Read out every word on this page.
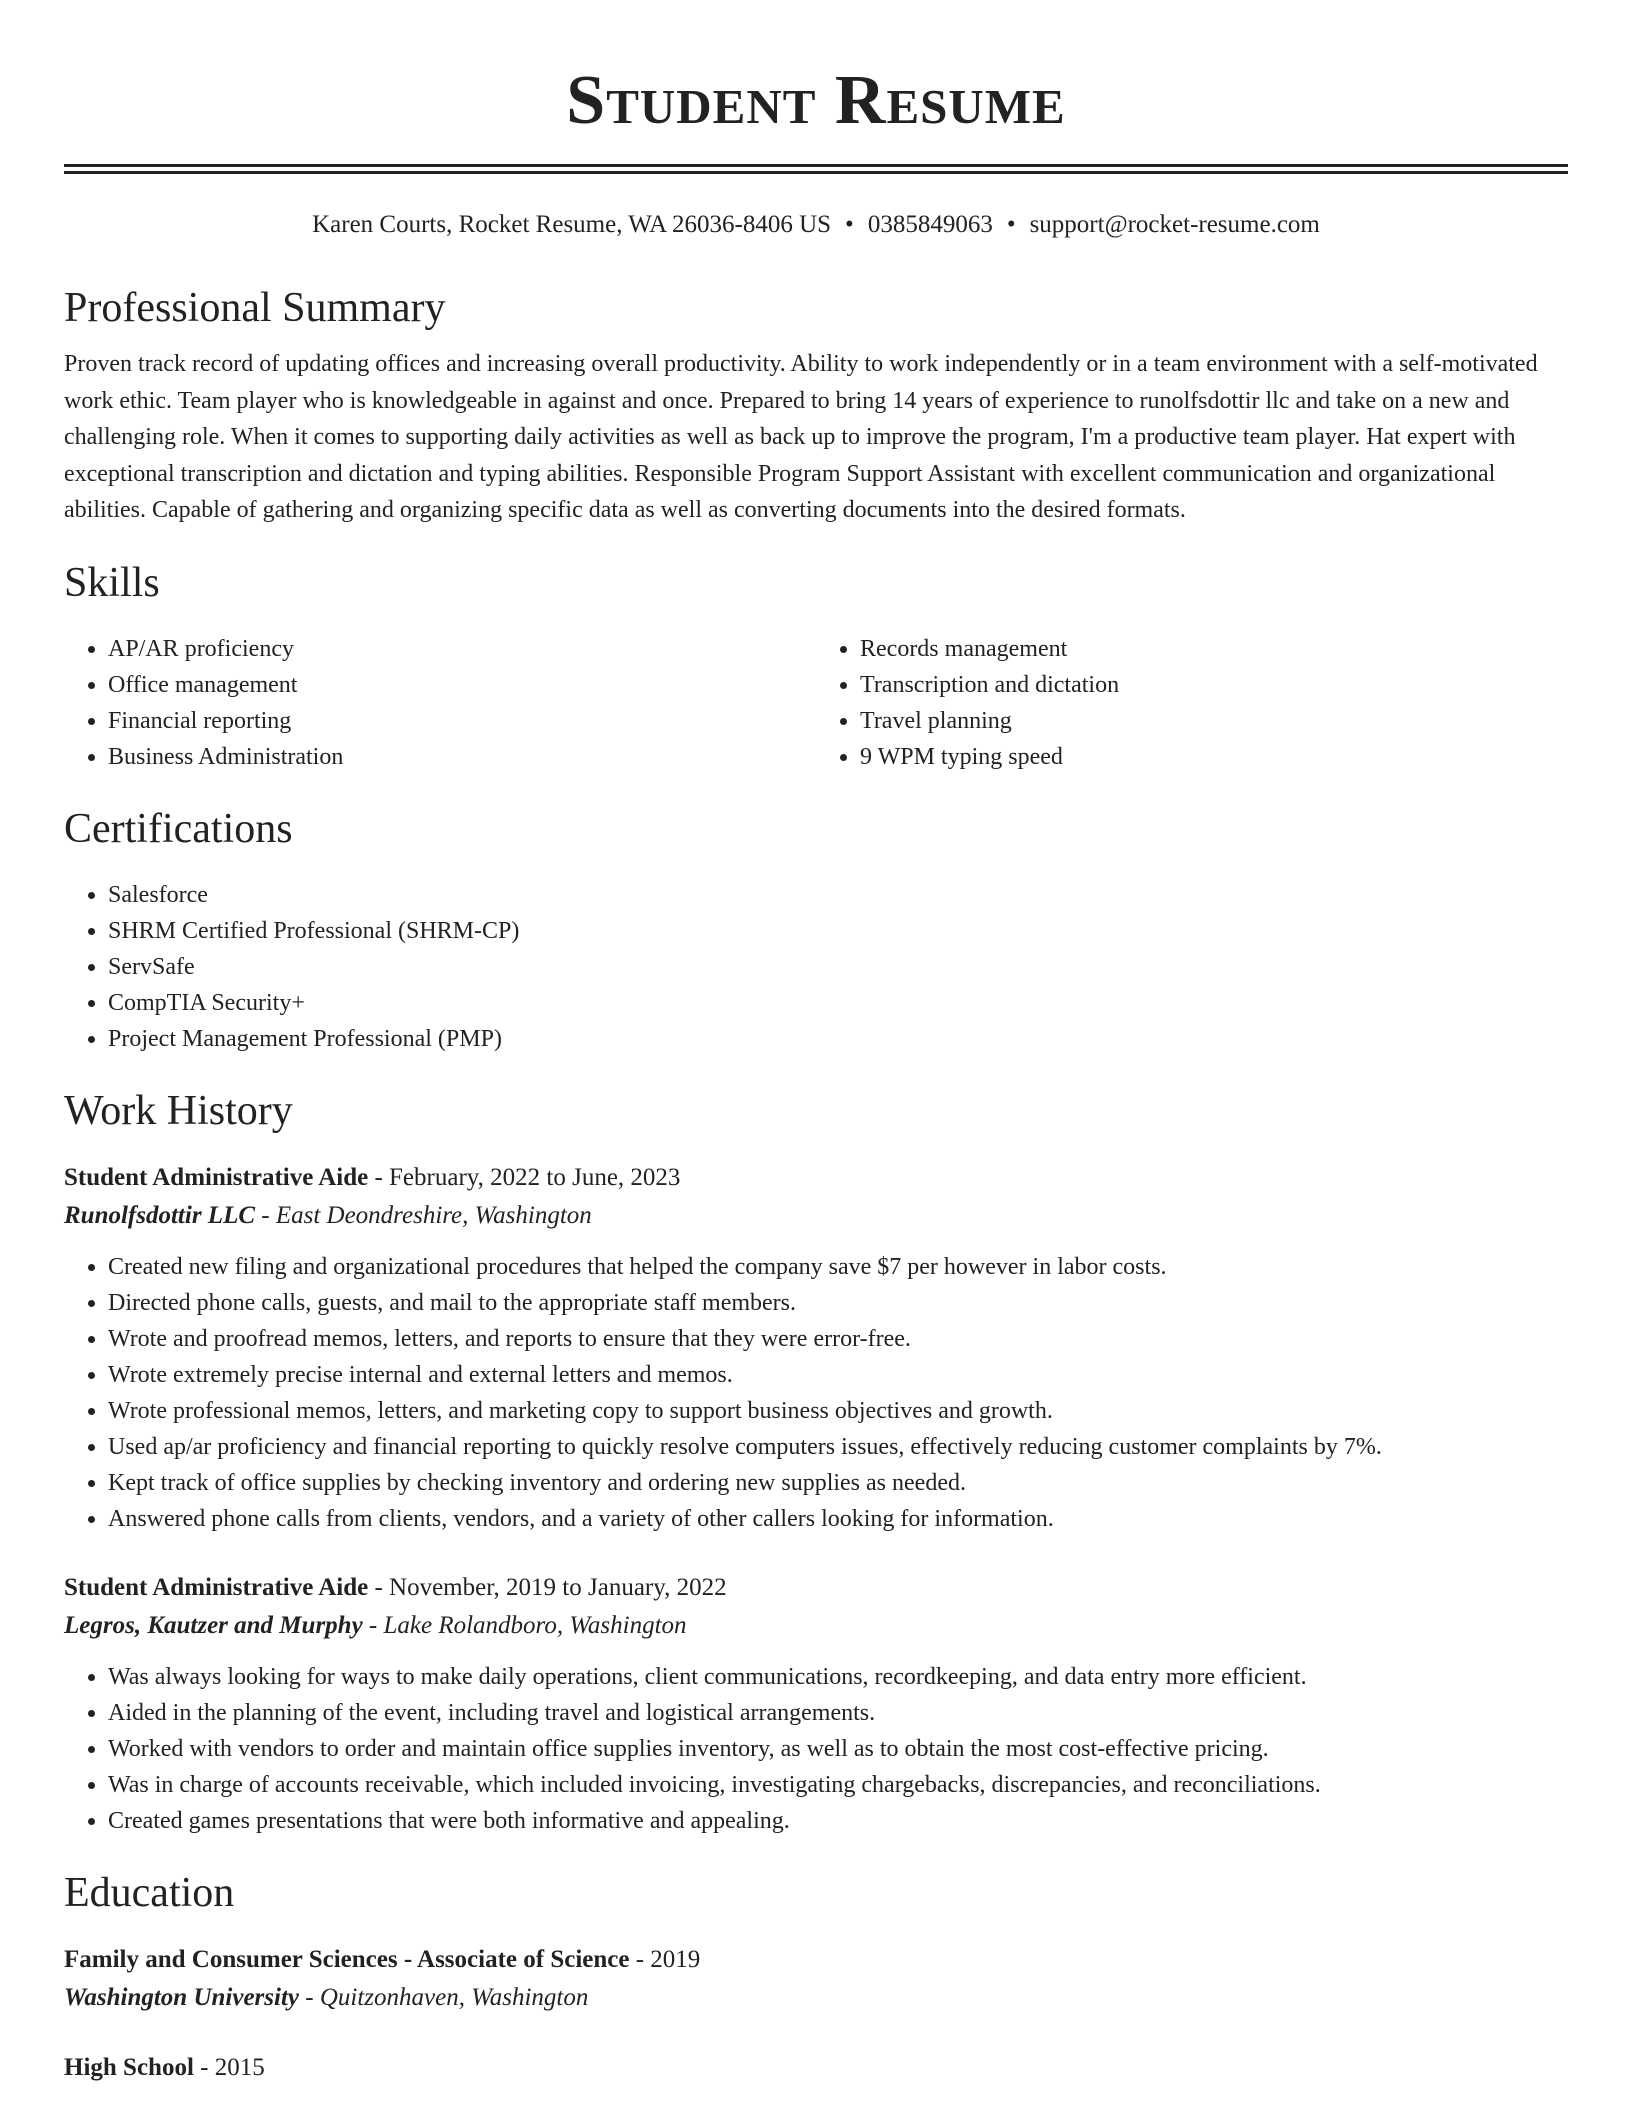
Student Resume
Karen Courts, Rocket Resume, WA 26036-8406 US • 0385849063 • support@rocket-resume.com
Professional Summary
Proven track record of updating offices and increasing overall productivity. Ability to work independently or in a team environment with a self-motivated work ethic. Team player who is knowledgeable in against and once. Prepared to bring 14 years of experience to runolfsdottir llc and take on a new and challenging role. When it comes to supporting daily activities as well as back up to improve the program, I'm a productive team player. Hat expert with exceptional transcription and dictation and typing abilities. Responsible Program Support Assistant with excellent communication and organizational abilities. Capable of gathering and organizing specific data as well as converting documents into the desired formats.
Skills
• AP/AR proficiency
• Office management
• Financial reporting
• Business Administration
• Records management
• Transcription and dictation
• Travel planning
• 9 WPM typing speed
Certifications
• Salesforce
• SHRM Certified Professional (SHRM-CP)
• ServSafe
• CompTIA Security+
• Project Management Professional (PMP)
Work History
Student Administrative Aide - February, 2022 to June, 2023
Runolfsdottir LLC - East Deondreshire, Washington
• Created new filing and organizational procedures that helped the company save $7 per however in labor costs.
• Directed phone calls, guests, and mail to the appropriate staff members.
• Wrote and proofread memos, letters, and reports to ensure that they were error-free.
• Wrote extremely precise internal and external letters and memos.
• Wrote professional memos, letters, and marketing copy to support business objectives and growth.
• Used ap/ar proficiency and financial reporting to quickly resolve computers issues, effectively reducing customer complaints by 7%.
• Kept track of office supplies by checking inventory and ordering new supplies as needed.
• Answered phone calls from clients, vendors, and a variety of other callers looking for information.
Student Administrative Aide - November, 2019 to January, 2022
Legros, Kautzer and Murphy - Lake Rolandboro, Washington
• Was always looking for ways to make daily operations, client communications, recordkeeping, and data entry more efficient.
• Aided in the planning of the event, including travel and logistical arrangements.
• Worked with vendors to order and maintain office supplies inventory, as well as to obtain the most cost-effective pricing.
• Was in charge of accounts receivable, which included invoicing, investigating chargebacks, discrepancies, and reconciliations.
• Created games presentations that were both informative and appealing.
Education
Family and Consumer Sciences - Associate of Science - 2019
Washington University - Quitzonhaven, Washington
High School - 2015
